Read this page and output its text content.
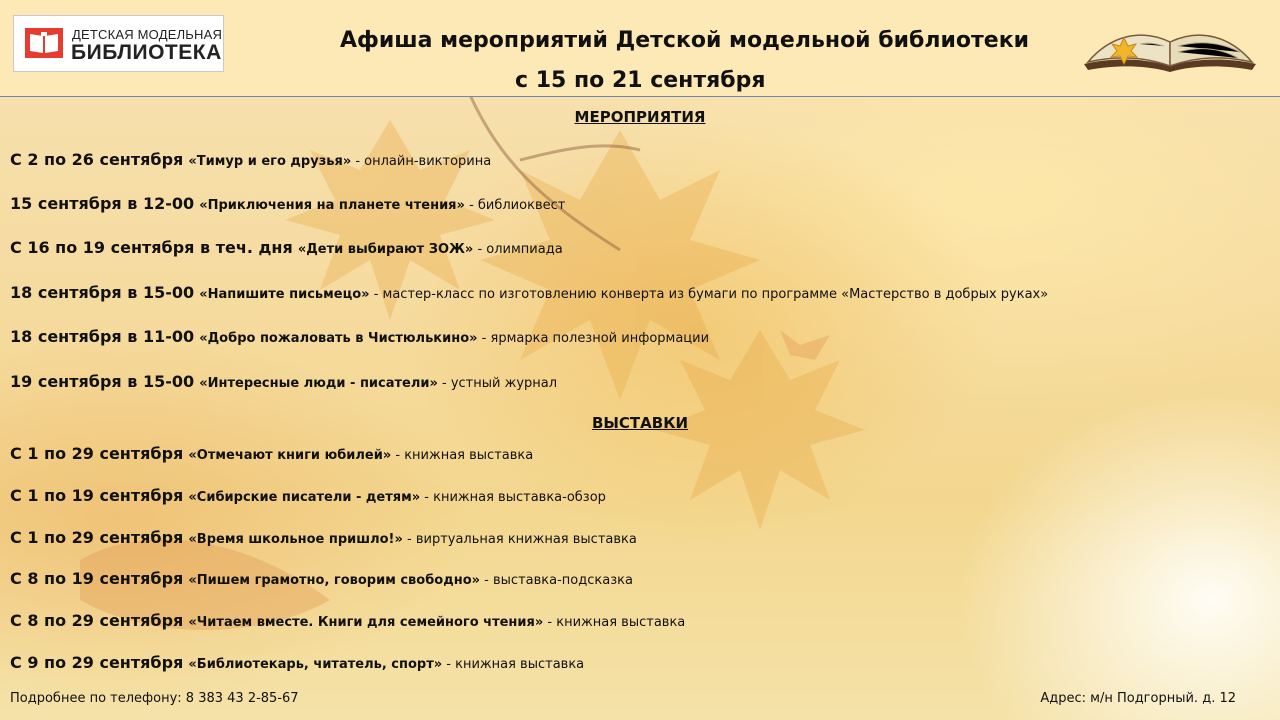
ДЕТСКАЯ МОДЕЛЬНАЯ
БИБЛИОТЕКА	Афиша мероприятий Детской модельной библиотеки
с 15 по 21 сентября
МЕРОПРИЯТИЯ
С 2 по 26 сентября «Тимур и его друзья» - онлайн-викторина
15 сентября в 12-00 «Приключения на планете чтения» - библиоквест
С 16 по 19 сентября в теч. дня «Дети выбирают ЗОЖ» - олимпиада
18 сентября в 15-00 «Напишите письмецо» - мастер-класс по изготовлению конверта из бумаги по программе «Мастерство в добрых руках»
18 сентября в 11-00 «Добро пожаловать в Чистюлькино» - ярмарка полезной информации
19 сентября в 15-00 «Интересные люди - писатели» - устный журнал
ВЫСТАВКИ
С 1 по 29 сентября «Отмечают книги юбилей» - книжная выставка
С 1 по 19 сентября «Сибирские писатели - детям» - книжная выставка-обзор
С 1 по 29 сентября «Время школьное пришло!» - виртуальная книжная выставка
С 8 по 19 сентября «Пишем грамотно, говорим свободно» - выставка-подсказка
С 8 по 29 сентября «Читаем вместе. Книги для семейного чтения» - книжная выставка
С 9 по 29 сентября «Библиотекарь, читатель, спорт» - книжная выставка
Подробнее по телефону: 8 383 43 2-85-67	Адрес: м/н Подгорный. д. 12
